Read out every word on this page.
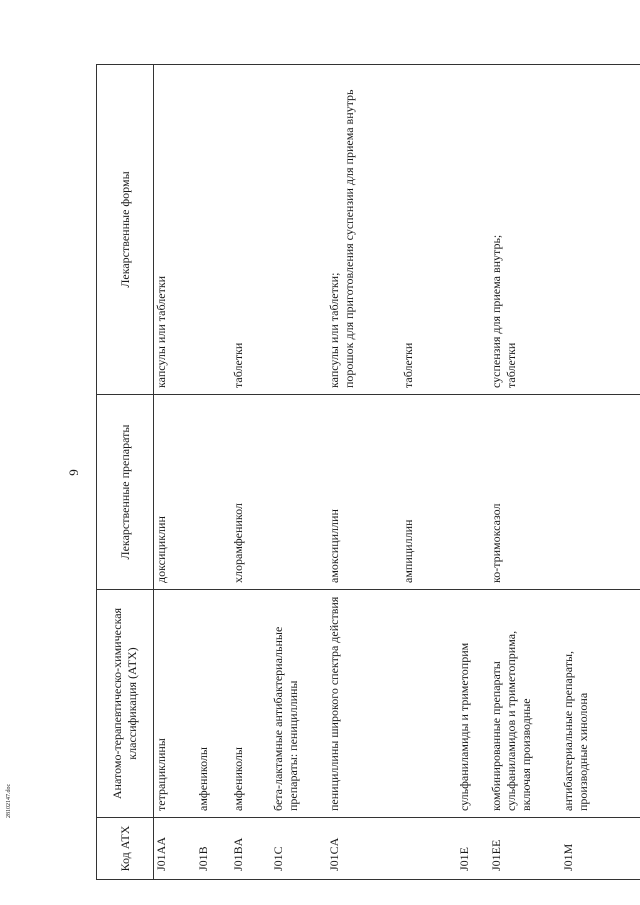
9
Код АТХ	Анатомо-терапевтическо-химическая классификация (АТХ)	Лекарственные препараты	Лекарственные формы
J01AA	тетрациклины	доксициклин	капсулы или таблетки

J01B	амфениколы		
J01BA	амфениколы	хлорамфеникол	таблетки

J01C	бета-лактамные антибактериальные препараты: пенициллины		
J01CA	пенициллины широкого спектра действия	амоксициллин	капсулы или таблетки; порошок для приготовления суспензии для приема внутрь

		ампициллин	таблетки

J01E	сульфаниламиды и триметоприм		
J01EE	комбинированные препараты сульфаниламидов и триметоприма, включая производные	ко-тримоксазол	суспензия для приема внутрь; таблетки

J01M	антибактериальные препараты, производные хинолона		
28102147.doc
